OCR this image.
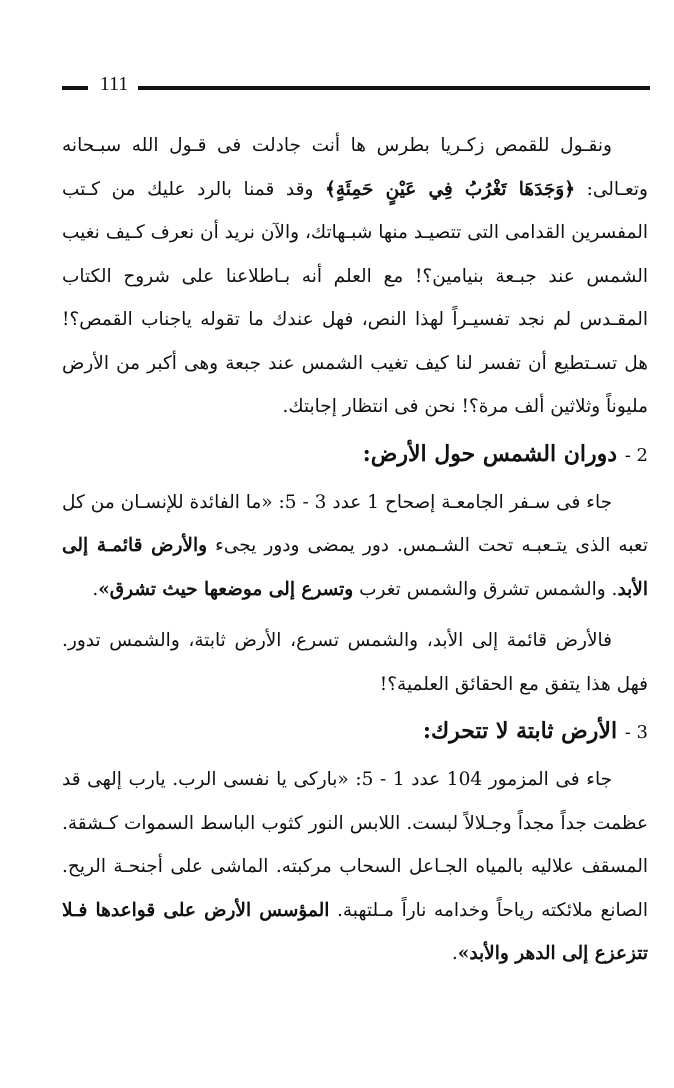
111

ونقـول للقمص زكـريا بطرس ها أنت جادلت فى قـول الله سبـحانه وتعـالى: ﴿وَجَدَهَا تَغْرُبُ فِي عَيْنٍ حَمِئَةٍ﴾ وقد قمنا بالرد عليك من كـتب المفسرين القدامى التى تتصيـد منها شبـهاتك، والآن نريد أن نعرف كـيف نغيب الشمس عند جبـعة بنيامين؟! مع العلم أنه بـاطلاعنا على شروح الكتاب المقـدس لم نجد تفسيـراً لهذا النص، فهل عندك ما تقوله ياجناب القمص؟! هل تسـتطيع أن تفسر لنا كيف تغيب الشمس عند جبعة وهى أكبر من الأرض مليوناً وثلاثين ألف مرة؟! نحن فى انتظار إجابتك.

2 - دوران الشمس حول الأرض:

جاء فى سـفر الجامعـة إصحاح 1 عدد 3 - 5: «ما الفائدة للإنسـان من كل تعبه الذى يتـعبـه تحت الشـمس. دور يمضى ودور يجىء والأرض قائمـة إلى الأبد. والشمس تشرق والشمس تغرب وتسرع إلى موضعها حيث تشرق».

فالأرض قائمة إلى الأبد، والشمس تسرع، الأرض ثابتة، والشمس تدور. فهل هذا يتفق مع الحقائق العلمية؟!

3 - الأرض ثابتة لا تتحرك:

جاء فى المزمور 104 عدد 1 - 5: «باركى يا نفسى الرب. يارب إلهى قد عظمت جداً مجداً وجـلالاً لبست. اللابس النور كثوب الباسط السموات كـشقة. المسقف علاليه بالمياه الجـاعل السحاب مركبته. الماشى على أجنحـة الريح. الصانع ملائكته رياحاً وخدامه ناراً مـلتهبة. المؤسس الأرض على قواعدها فـلا تتزعزع إلى الدهر والأبد».
